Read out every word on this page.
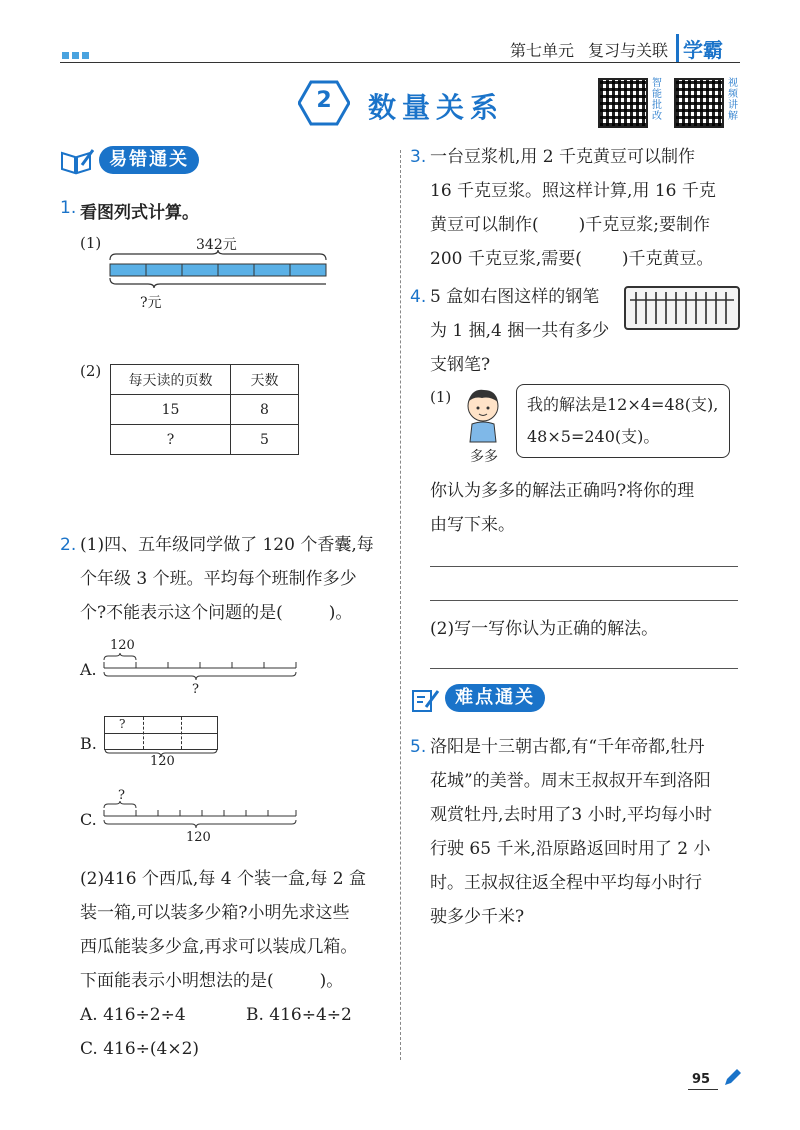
第七单元 复习与关联 学霸
2	数量关系
智能批改
视频讲解
易错通关
1. 看图列式计算。
(1)	342元
?元
(2)
每天读的页数	天数
15	8
?	5
2. (1)四、五年级同学做了 120 个香囊,每
个年级 3 个班。平均每个班制作多少
个?不能表示这个问题的是(	)。
A.
120
?
B.
?
120
C.
?
120
(2)416 个西瓜,每 4 个装一盒,每 2 盒
装一箱,可以装多少箱?小明先求这些
西瓜能装多少盒,再求可以装成几箱。
下面能表示小明想法的是(	)。
A. 416÷2÷4	B. 416÷4÷2
C. 416÷(4×2)
3. 一台豆浆机,用 2 千克黄豆可以制作
16 千克豆浆。照这样计算,用 16 千克
黄豆可以制作( )千克豆浆;要制作
200 千克豆浆,需要( )千克黄豆。
4. 5 盒如右图这样的钢笔
为 1 捆,4 捆一共有多少
支钢笔?
(1)
多多
我的解法是12×4=48(支),
48×5=240(支)。
你认为多多的解法正确吗?将你的理
由写下来。
(2)写一写你认为正确的解法。
难点通关
5. 洛阳是十三朝古都,有“千年帝都,牡丹
花城”的美誉。周末王叔叔开车到洛阳
观赏牡丹,去时用了3 小时,平均每小时
行驶 65 千米,沿原路返回时用了 2 小
时。王叔叔往返全程中平均每小时行
驶多少千米?
95
